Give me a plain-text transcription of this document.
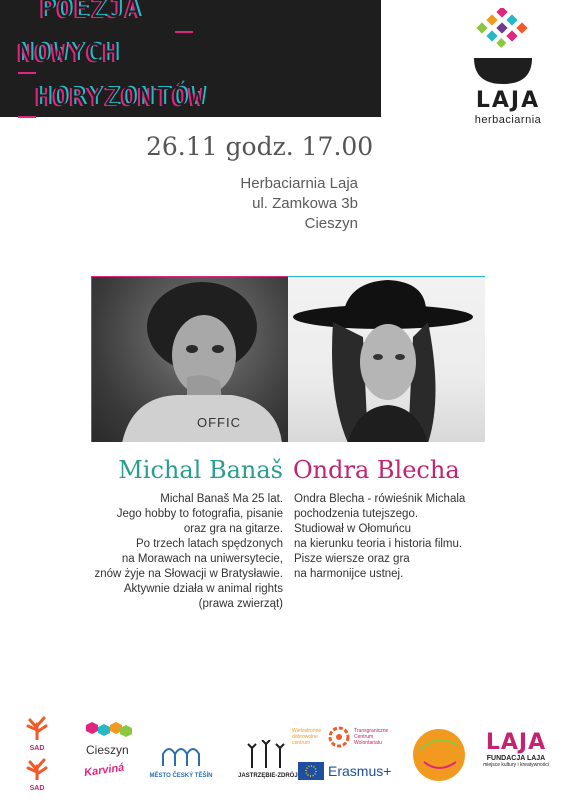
POEZJA
NOWYCH
HORYZONTÓW	LAJA
herbaciarnia
26.11 godz. 17.00
Herbaciarnia Laja
ul. Zamkowa 3b
Cieszyn
OFFIC
Michal Banaš Ondra Blecha
Michal Banaš Ma 25 lat.
Jego hobby to fotografia, pisanie
oraz gra na gitarze.
Po trzech latach spędzonych
na Morawach na uniwersytecie,
znów żyje na Słowacji w Bratysławie.
Aktywnie działa w animal rights
(prawa zwierząt)
Ondra Blecha - rówieśnik Michala
pochodzenia tutejszego.
Studiował w Ołomuńcu
na kierunku teoria i historia filmu.
Pisze wiersze oraz gra
na harmonijce ustnej.
SAD
SAD
Cieszyn
Karviná	MĚSTO ČESKÝ TĚŠÍN	JASTRZĘBIE-ZDRÓJ
Wielostronne dobrowolne centrum
Transgraniczne Centrum Wolontariatu
Erasmus+
LAJA
FUNDACJA LAJA
miejsce kultury i kreatywności
